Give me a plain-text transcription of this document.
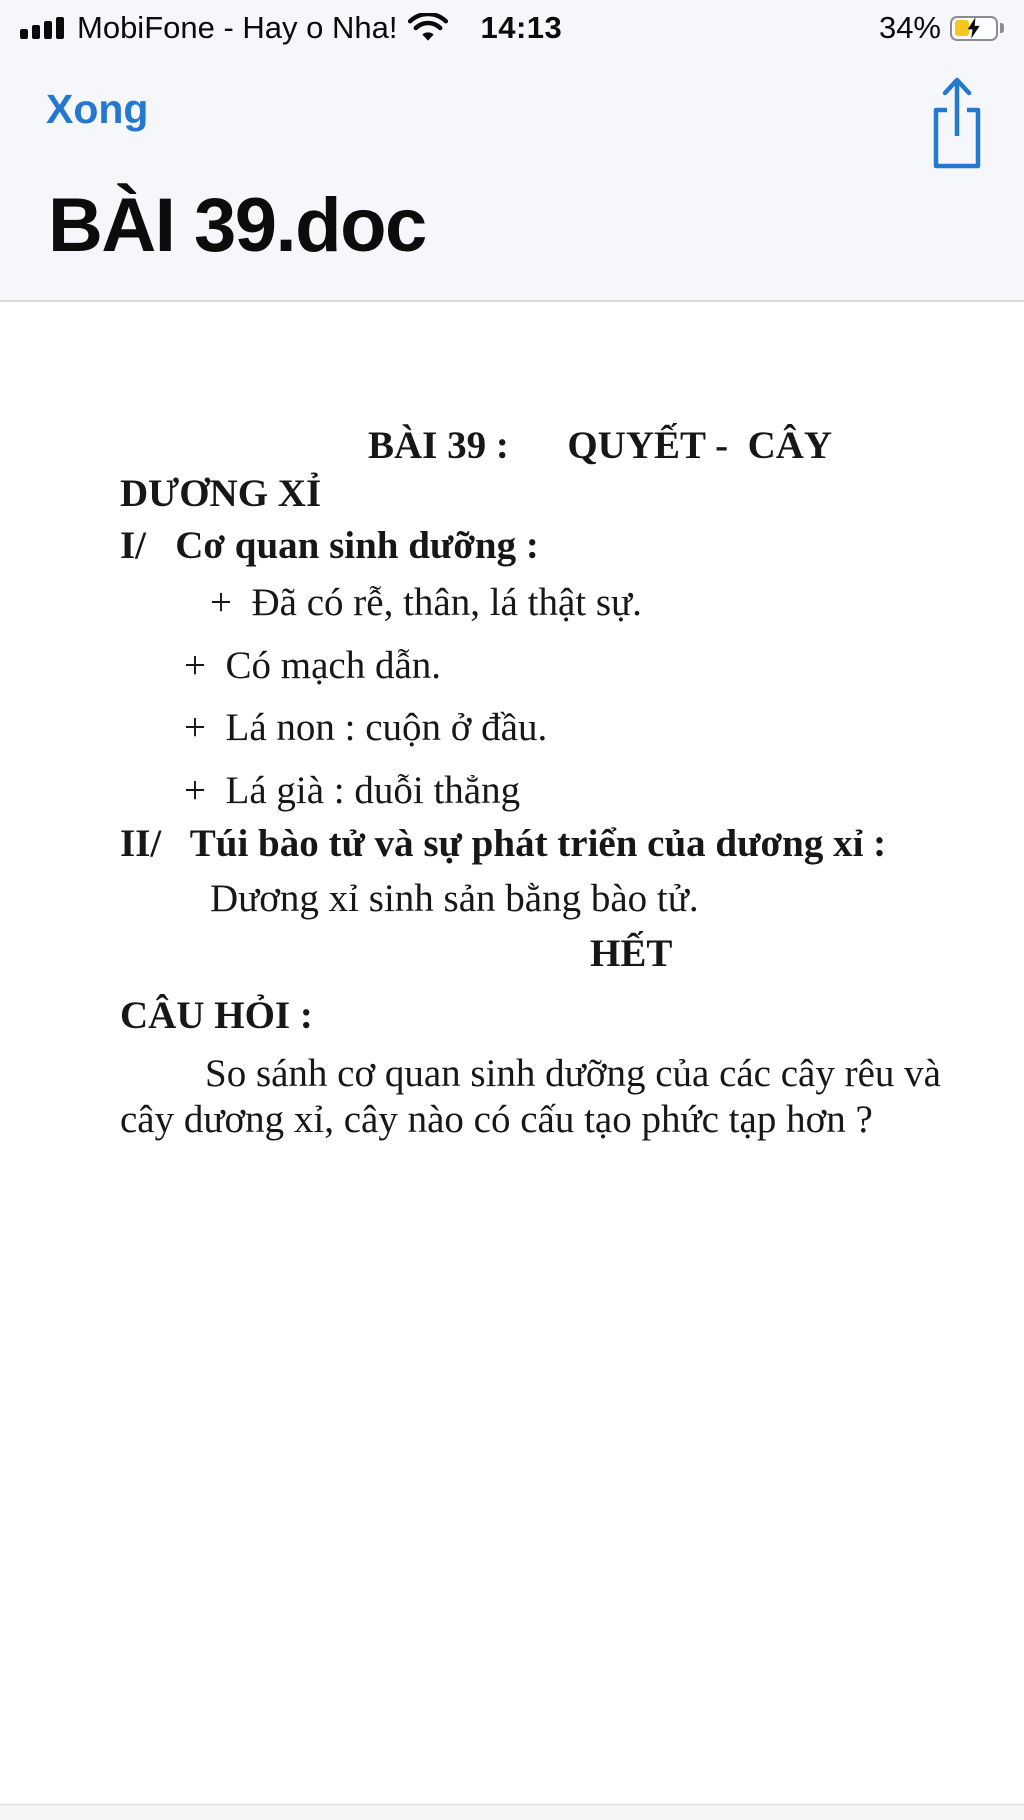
MobiFone - Hay o Nha!	14:13	34%
Xong
BÀI 39.doc
BÀI 39 :      QUYẾT -  CÂY
DƯƠNG XỈ
I/   Cơ quan sinh dưỡng :
+  Đã có rễ, thân, lá thật sự.
+  Có mạch dẫn.
+  Lá non : cuộn ở đầu.
+  Lá già : duỗi thẳng
II/   Túi bào tử và sự phát triển của dương xỉ :
Dương xỉ sinh sản bằng bào tử.
HẾT
CÂU HỎI :
So sánh cơ quan sinh dưỡng của các cây rêu và
cây dương xỉ, cây nào có cấu tạo phức tạp hơn ?
